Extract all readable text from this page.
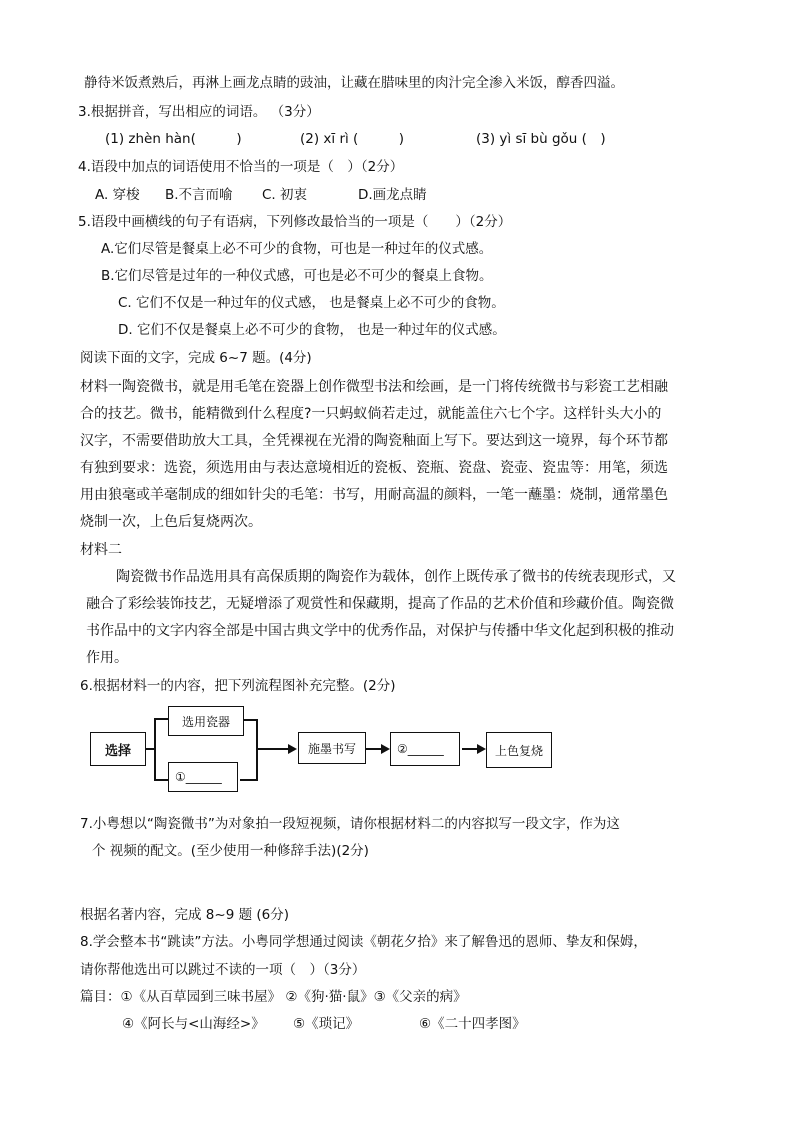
静待米饭煮熟后，再淋上画龙点睛的豉油，让藏在腊味里的肉汁完全渗入米饭，醇香四溢。
3.根据拼音，写出相应的词语。 （3分）
(1) zhèn hàn(　　　)	(2) xī rì (　　　)	(3) yì sī bù gǒu (　)
4.语段中加点的词语使用不恰当的一项是（　）（2分）
A. 穿梭 B.不言而喻 C. 初衷	D.画龙点睛
5.语段中画横线的句子有语病，下列修改最恰当的一项是（　　）（2分）
A.它们尽管是餐桌上必不可少的食物，可也是一种过年的仪式感。
B.它们尽管是过年的一种仪式感，可也是必不可少的餐桌上食物。
C. 它们不仅是一种过年的仪式感， 也是餐桌上必不可少的食物。
D. 它们不仅是餐桌上必不可少的食物， 也是一种过年的仪式感。
阅读下面的文字，完成 6~7 题。(4分)
材料一陶瓷微书，就是用毛笔在瓷器上创作微型书法和绘画，是一门将传统微书与彩瓷工艺相融
合的技艺。微书，能精微到什么程度?一只蚂蚁倘若走过，就能盖住六七个字。这样针头大小的
汉字，不需要借助放大工具，全凭裸视在光滑的陶瓷釉面上写下。要达到这一境界，每个环节都
有独到要求：选瓷，须选用由与表达意境相近的瓷板、瓷瓶、瓷盘、瓷壶、瓷盅等：用笔，须选
用由狼毫或羊毫制成的细如针尖的毛笔：书写，用耐高温的颜料，一笔一蘸墨：烧制，通常墨色
烧制一次，上色后复烧两次。
材料二
陶瓷微书作品选用具有高保质期的陶瓷作为载体，创作上既传承了微书的传统表现形式，又
融合了彩绘装饰技艺，无疑增添了观赏性和保藏期，提高了作品的艺术价值和珍藏价值。陶瓷微
书作品中的文字内容全部是中国古典文学中的优秀作品，对保护与传播中华文化起到积极的推动
作用。
6.根据材料一的内容，把下列流程图补充完整。(2分)
选择
选用瓷器
①______
施墨书写	②______	上色复烧
7.小粤想以“陶瓷微书”为对象拍一段短视频，请你根据材料二的内容拟写一段文字，作为这
个 视频的配文。(至少使用一种修辞手法)(2分)
根据名著内容，完成 8~9 题 (6分)
8.学会整本书“跳读”方法。小粤同学想通过阅读《朝花夕拾》来了解鲁迅的恩师、挚友和保姆，
请你帮他选出可以跳过不读的一项（　）（3分）
篇目：①《从百草园到三味书屋》 ②《狗·猫·鼠》③《父亲的病》
④《阿长与<山海经>》 ⑤《琐记》	⑥《二十四孝图》
